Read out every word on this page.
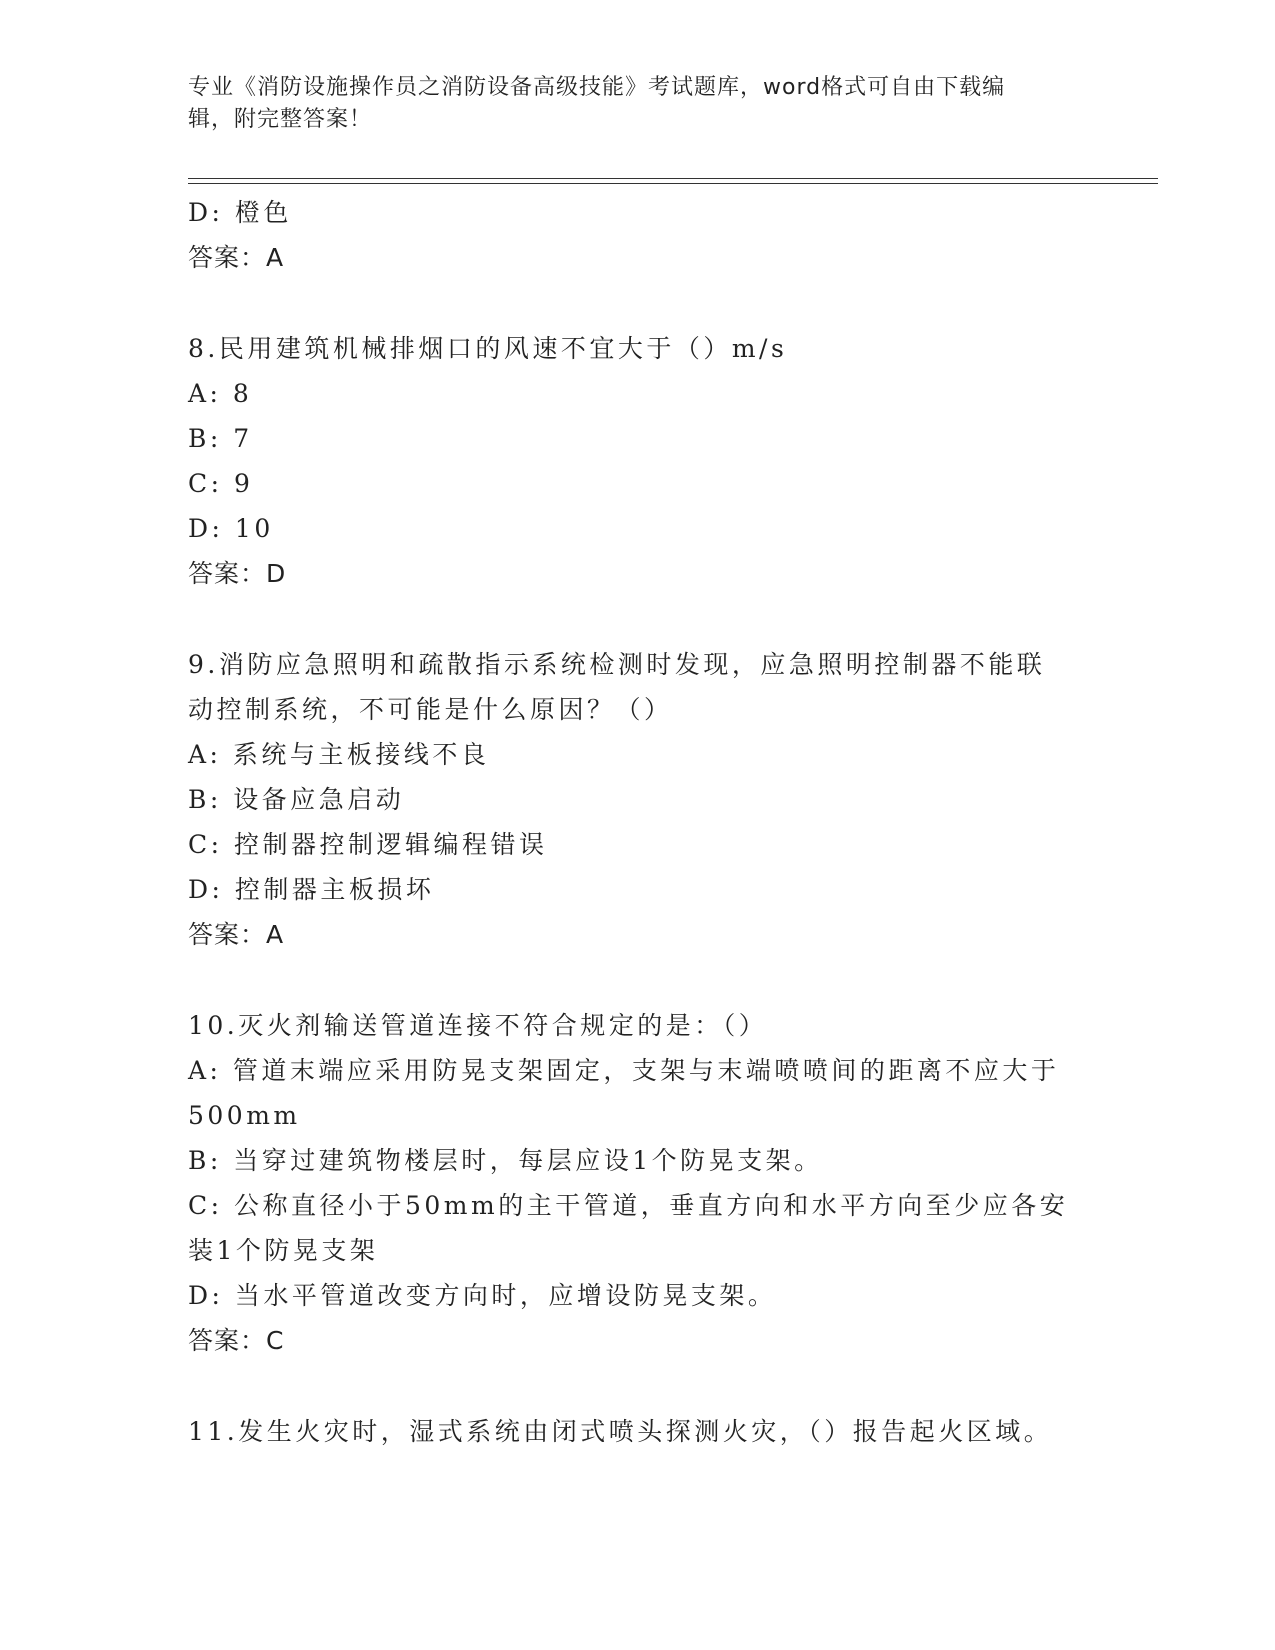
专业《消防设施操作员之消防设备高级技能》考试题库，word格式可自由下载编
辑，附完整答案！
D: 橙色
答案：A
8.民用建筑机械排烟口的风速不宜大于（）m/s
A: 8
B: 7
C: 9
D: 10
答案：D
9.消防应急照明和疏散指示系统检测时发现，应急照明控制器不能联
动控制系统，不可能是什么原因？（）
A: 系统与主板接线不良
B: 设备应急启动
C: 控制器控制逻辑编程错误
D: 控制器主板损坏
答案：A
10.灭火剂输送管道连接不符合规定的是：（）
A: 管道末端应采用防晃支架固定，支架与末端喷喷间的距离不应大于
500mm
B: 当穿过建筑物楼层时，每层应设1个防晃支架。
C: 公称直径小于50mm的主干管道，垂直方向和水平方向至少应各安
装1个防晃支架
D: 当水平管道改变方向时，应增设防晃支架。
答案：C
11.发生火灾时，湿式系统由闭式喷头探测火灾，（）报告起火区域。
